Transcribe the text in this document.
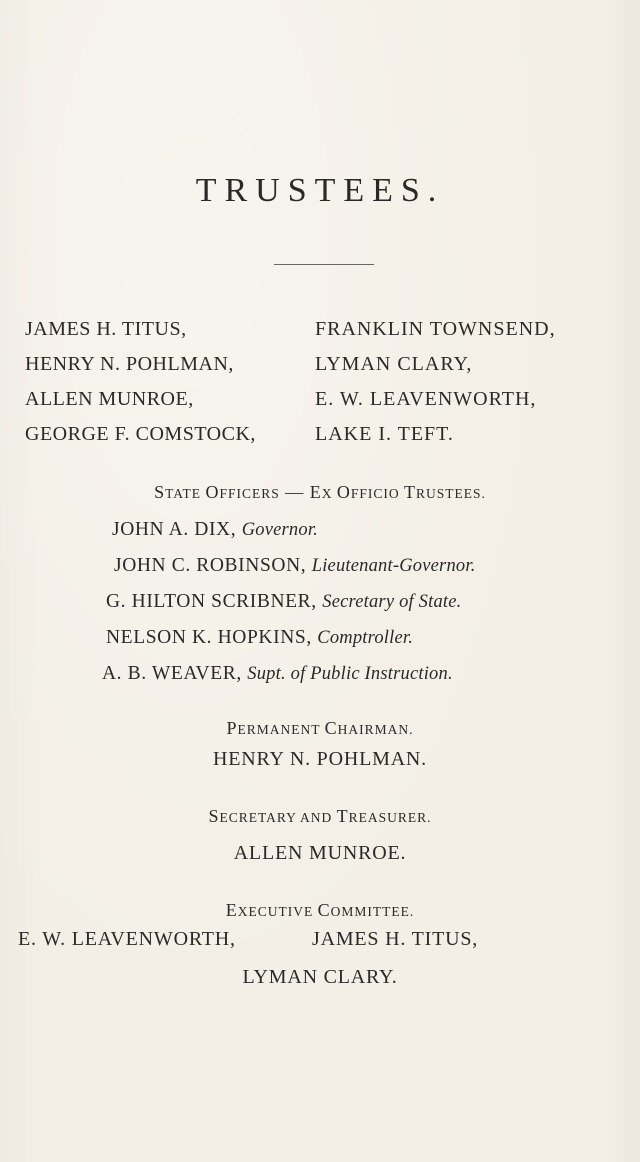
TRUSTEES.
JAMES H. TITUS,
HENRY N. POHLMAN,
ALLEN MUNROE,
GEORGE F. COMSTOCK,
FRANKLIN TOWNSEND,
LYMAN CLARY,
E. W. LEAVENWORTH,
LAKE I. TEFT.
STATE OFFICERS — EX OFFICIO TRUSTEES.
JOHN A. DIX, Governor.
JOHN C. ROBINSON, Lieutenant-Governor.
G. HILTON SCRIBNER, Secretary of State.
NELSON K. HOPKINS, Comptroller.
A. B. WEAVER, Supt. of Public Instruction.
PERMANENT CHAIRMAN.
HENRY N. POHLMAN.
SECRETARY AND TREASURER.
ALLEN MUNROE.
EXECUTIVE COMMITTEE.
E. W. LEAVENWORTH,	JAMES H. TITUS,
LYMAN CLARY.
